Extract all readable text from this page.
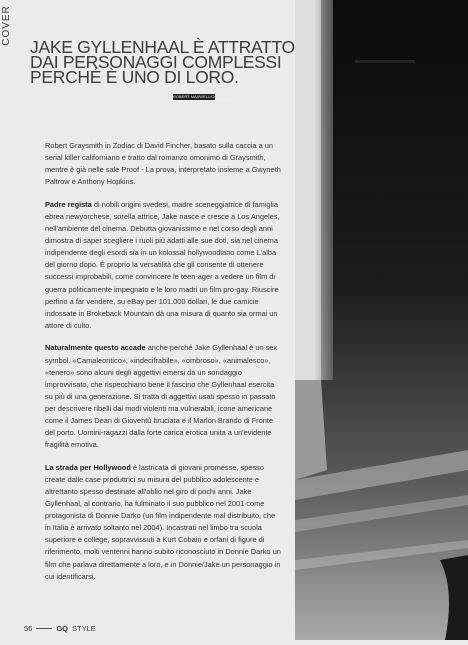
COVER
JAKE GYLLENHAAL È ATTRATTO
DAI PERSONAGGI COMPLESSI
PERCHÉ È UNO DI LORO.
ROBERT MAXWELL/CONTOUR

Robert Graysmith in Zodiac di David Fincher, basato sulla caccia a un serial killer californiano e tratto dal romanzo omonimo di Graysmith, mentre è già nelle sale Proof - La prova, interpretato insieme a Gwyneth Paltrow e Anthony Hopkins.

Padre regista di nobili origini svedesi, madre sceneggiatrice di famiglia ebrea newyorchese, sorella attrice, Jake nasce e cresce a Los Angeles, nell'ambiente del cinema. Debutta giovanissimo e nel corso degli anni dimostra di saper scegliere i ruoli più adatti alle sue doti, sia nel cinema indipendente degli esordi sia in un kolossal hollywoodiano come L'alba del giorno dopo. È proprio la versatilità che gli consente di ottenere successi improbabili, come convincere le teen-ager a vedere un film di guerra politicamente impegnato e le loro madri un film pro-gay. Riuscire perfino a far vendere, su eBay per 101.000 dollari, le due camicie indossate in Brokeback Mountain dà una misura di quanto sia ormai un attore di culto.

Naturalmente questo accade anche perché Jake Gyllenhaal è un sex symbol. «Camaleontico», «indecifrabile», «ombroso», «animalesco», «tenero» sono alcuni degli aggettivi emersi da un sondaggio improvvisato, che rispecchiano bene il fascino che Gyllenhaal esercita su più di una generazione. Si tratta di aggettivi usati spesso in passato per descrivere ribelli dai modi violenti ma vulnerabili, icone americane come il James Dean di Gioventù bruciata e il Marlon Brando di Fronte del porto. Uomini-ragazzi dalla forte carica erotica unita a un'evidente fragilità emotiva.

La strada per Hollywood è lastricata di giovani promesse, spesso create dalle case produttrici su misura del pubblico adolescente e altrettanto spesso destinate all'oblio nel giro di pochi anni. Jake Gyllenhaal, al contrario, ha fulminato il suo pubblico nel 2001 come protagonista di Donnie Darko (un film indipendente mal distribuito, che in Italia è arrivato soltanto nel 2004). Incastrati nel limbo tra scuola superiore e college, sopravvissuti a Kurt Cobain e orfani di figure di riferimento, molti ventenni hanno subito riconosciuto in Donnie Darko un film che parlava direttamente a loro, e in Donnie/Jake un personaggio in cui identificarsi.

56	GQ STYLE
